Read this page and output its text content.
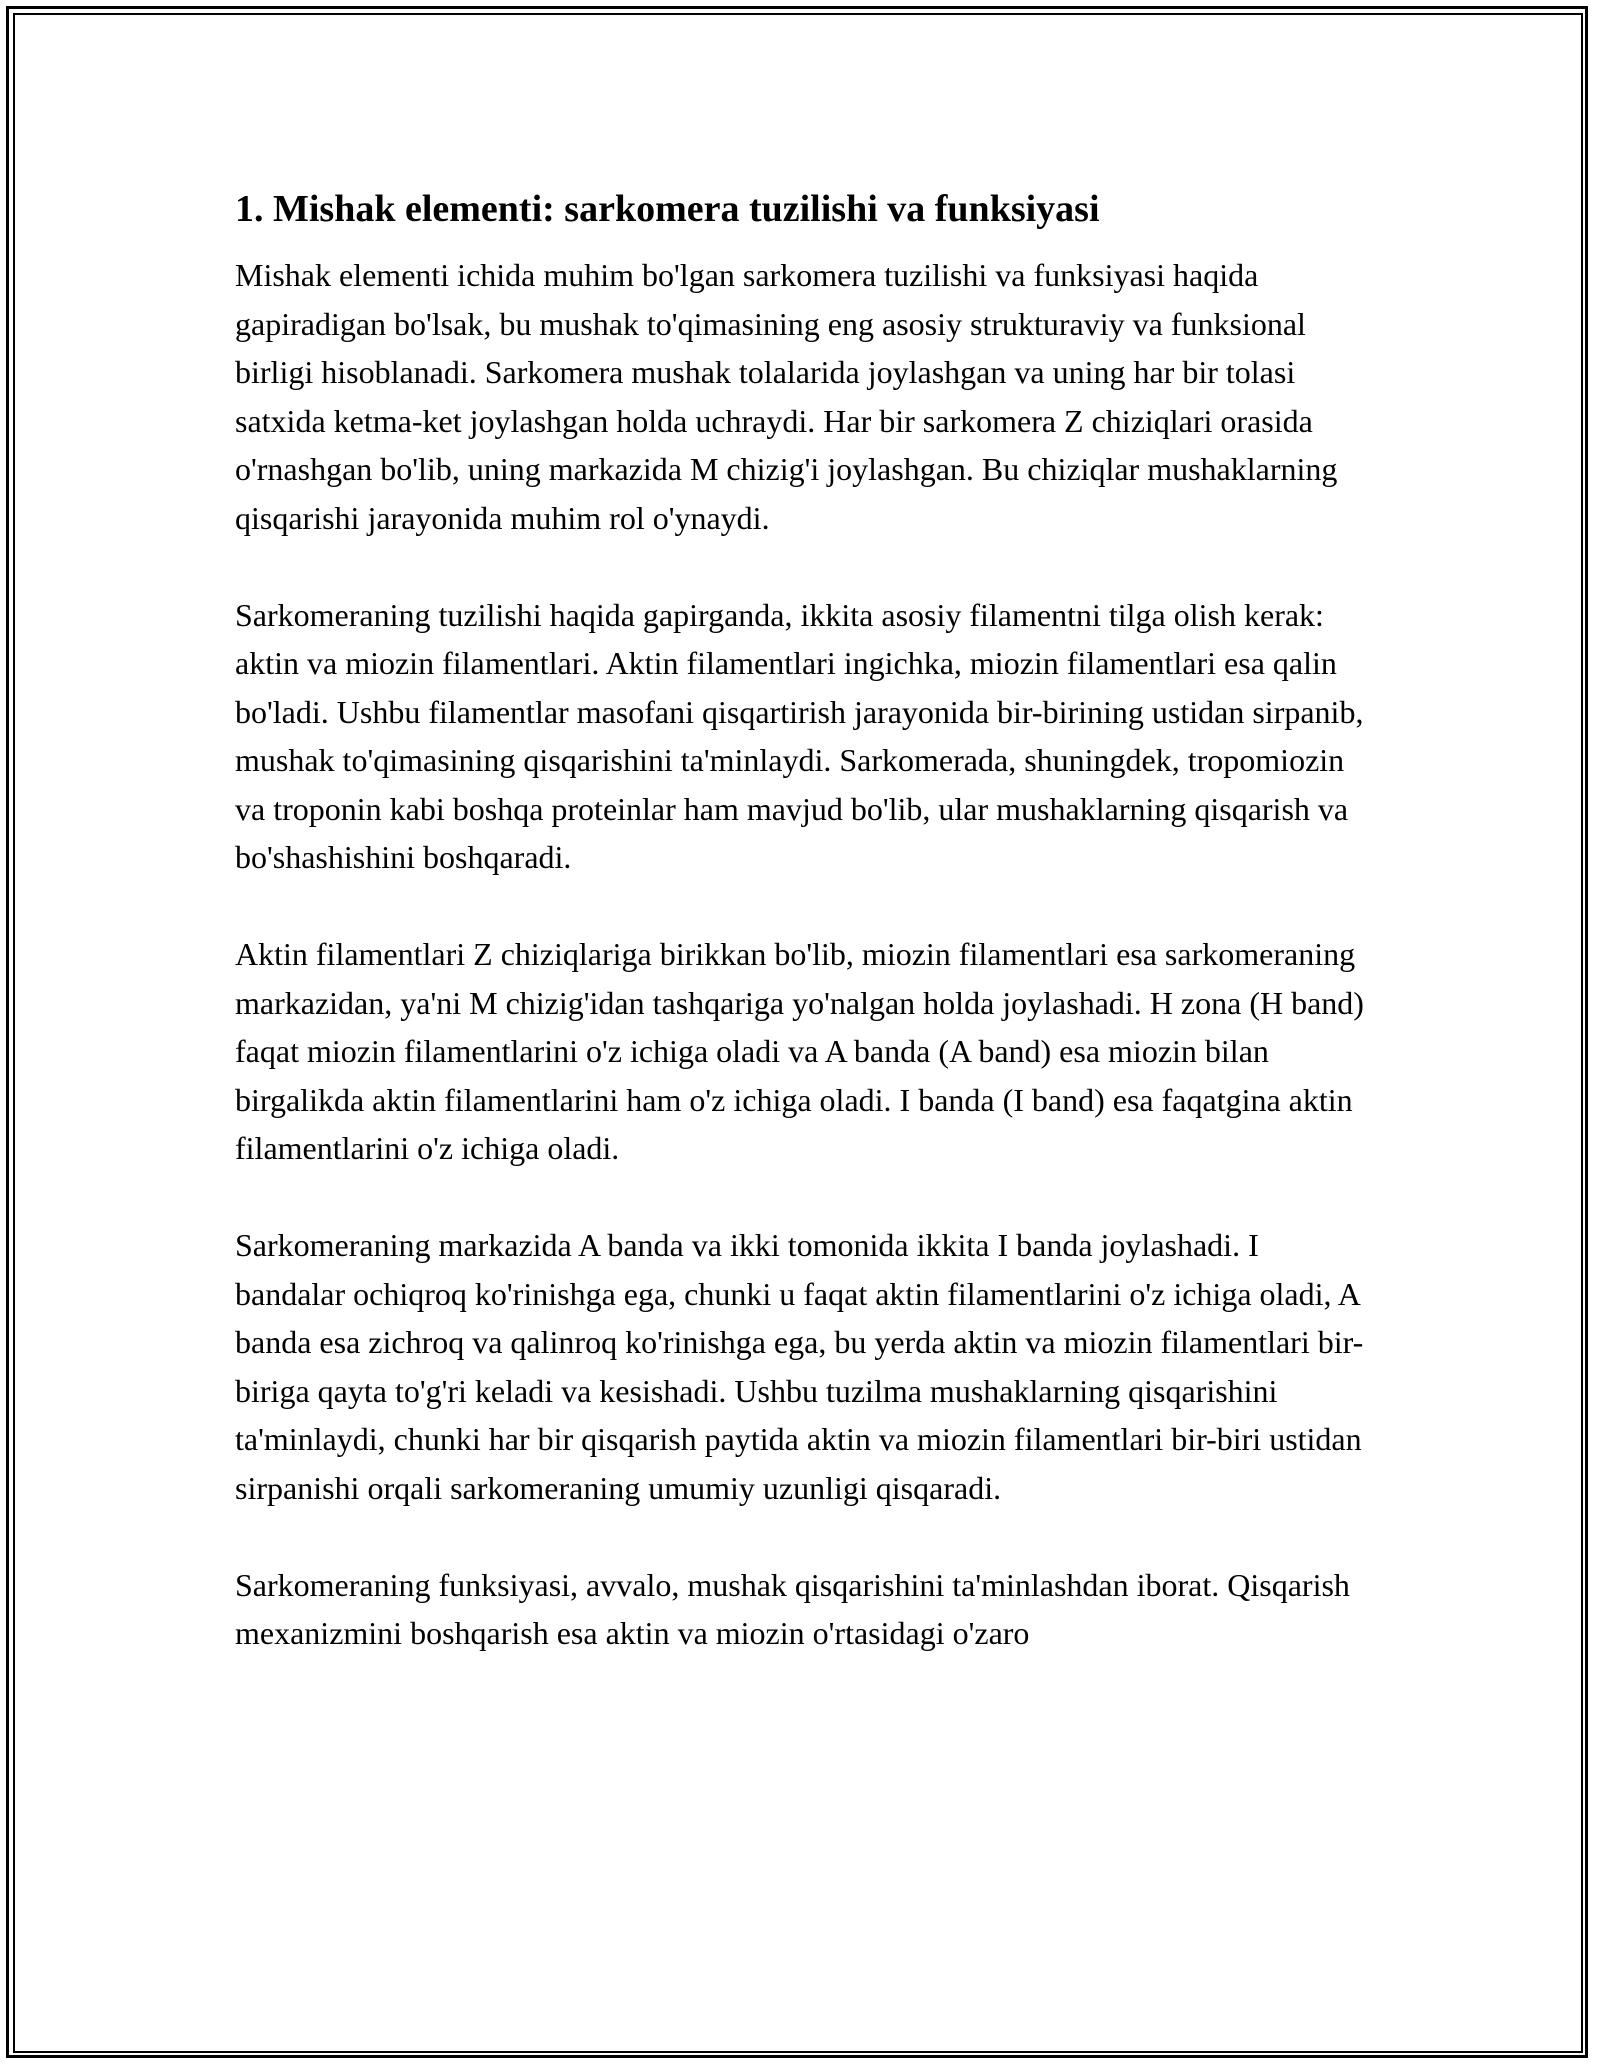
1. Mishak elementi: sarkomera tuzilishi va funksiyasi

Mishak elementi ichida muhim bo'lgan sarkomera tuzilishi va funksiyasi haqida gapiradigan bo'lsak, bu mushak to'qimasining eng asosiy strukturaviy va funksional birligi hisoblanadi. Sarkomera mushak tolalarida joylashgan va uning har bir tolasi satxida ketma-ket joylashgan holda uchraydi. Har bir sarkomera Z chiziqlari orasida o'rnashgan bo'lib, uning markazida M chizig'i joylashgan. Bu chiziqlar mushaklarning qisqarishi jarayonida muhim rol o'ynaydi.

Sarkomeraning tuzilishi haqida gapirganda, ikkita asosiy filamentni tilga olish kerak: aktin va miozin filamentlari. Aktin filamentlari ingichka, miozin filamentlari esa qalin bo'ladi. Ushbu filamentlar masofani qisqartirish jarayonida bir-birining ustidan sirpanib, mushak to'qimasining qisqarishini ta'minlaydi. Sarkomerada, shuningdek, tropomiozin va troponin kabi boshqa proteinlar ham mavjud bo'lib, ular mushaklarning qisqarish va bo'shashishini boshqaradi.

Aktin filamentlari Z chiziqlariga birikkan bo'lib, miozin filamentlari esa sarkomeraning markazidan, ya'ni M chizig'idan tashqariga yo'nalgan holda joylashadi. H zona (H band) faqat miozin filamentlarini o'z ichiga oladi va A banda (A band) esa miozin bilan birgalikda aktin filamentlarini ham o'z ichiga oladi. I banda (I band) esa faqatgina aktin filamentlarini o'z ichiga oladi.

Sarkomeraning markazida A banda va ikki tomonida ikkita I banda joylashadi. I bandalar ochiqroq ko'rinishga ega, chunki u faqat aktin filamentlarini o'z ichiga oladi, A banda esa zichroq va qalinroq ko'rinishga ega, bu yerda aktin va miozin filamentlari bir-biriga qayta to'g'ri keladi va kesishadi. Ushbu tuzilma mushaklarning qisqarishini ta'minlaydi, chunki har bir qisqarish paytida aktin va miozin filamentlari bir-biri ustidan sirpanishi orqali sarkomeraning umumiy uzunligi qisqaradi.

Sarkomeraning funksiyasi, avvalo, mushak qisqarishini ta'minlashdan iborat. Qisqarish mexanizmini boshqarish esa aktin va miozin o'rtasidagi o'zaro
